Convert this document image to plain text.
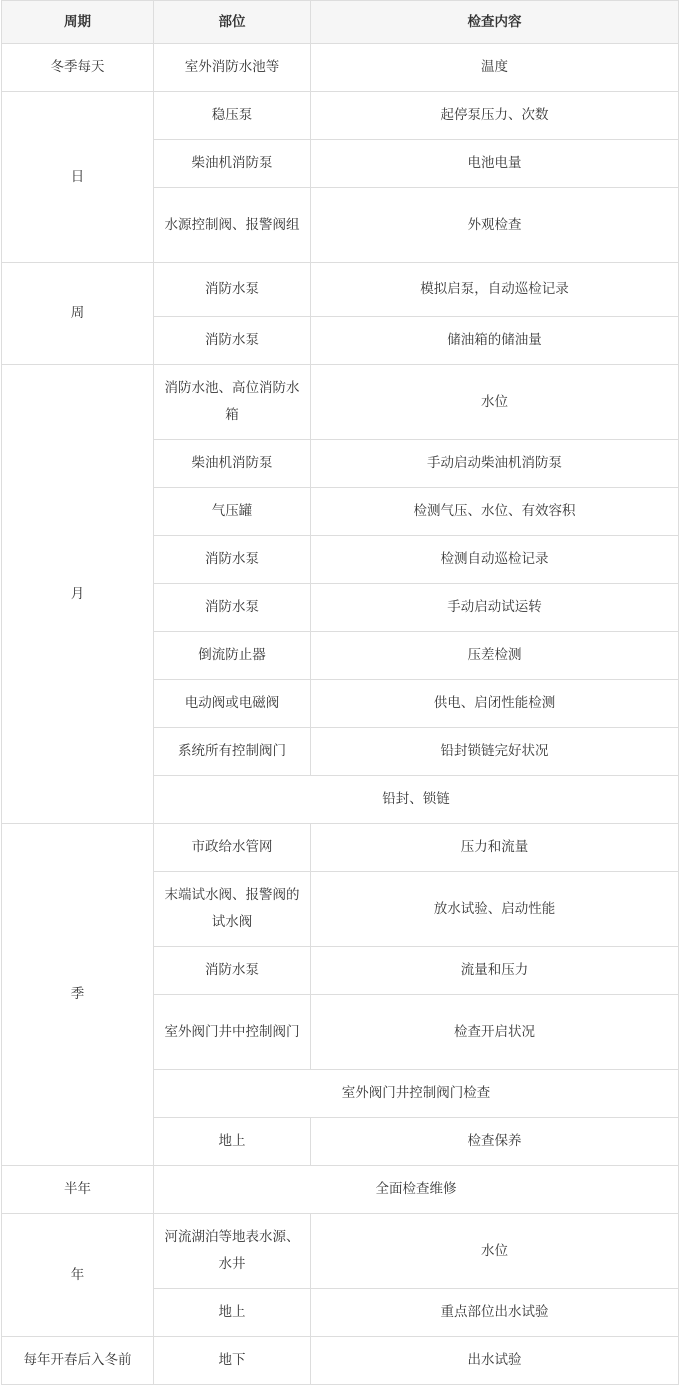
周期	部位	检查内容
冬季每天	室外消防水池等	温度
日	稳压泵	起停泵压力、次数
	柴油机消防泵	电池电量
	水源控制阀、报警阀组	外观检查
周	消防水泵	模拟启泵，自动巡检记录
	消防水泵	储油箱的储油量
月	消防水池、高位消防水箱	水位
	柴油机消防泵	手动启动柴油机消防泵
	气压罐	检测气压、水位、有效容积
	消防水泵	检测自动巡检记录
	消防水泵	手动启动试运转
	倒流防止器	压差检测
	电动阀或电磁阀	供电、启闭性能检测
	系统所有控制阀门	铅封锁链完好状况
	铅封、锁链	
季	市政给水管网	压力和流量
	末端试水阀、报警阀的试水阀	放水试验、启动性能
	消防水泵	流量和压力
	室外阀门井中控制阀门	检查开启状况
	室外阀门井控制阀门检查	
	地上	检查保养
半年	全面检查维修	
年	河流湖泊等地表水源、水井	水位
	地上	重点部位出水试验
每年开春后入冬前	地下	出水试验
